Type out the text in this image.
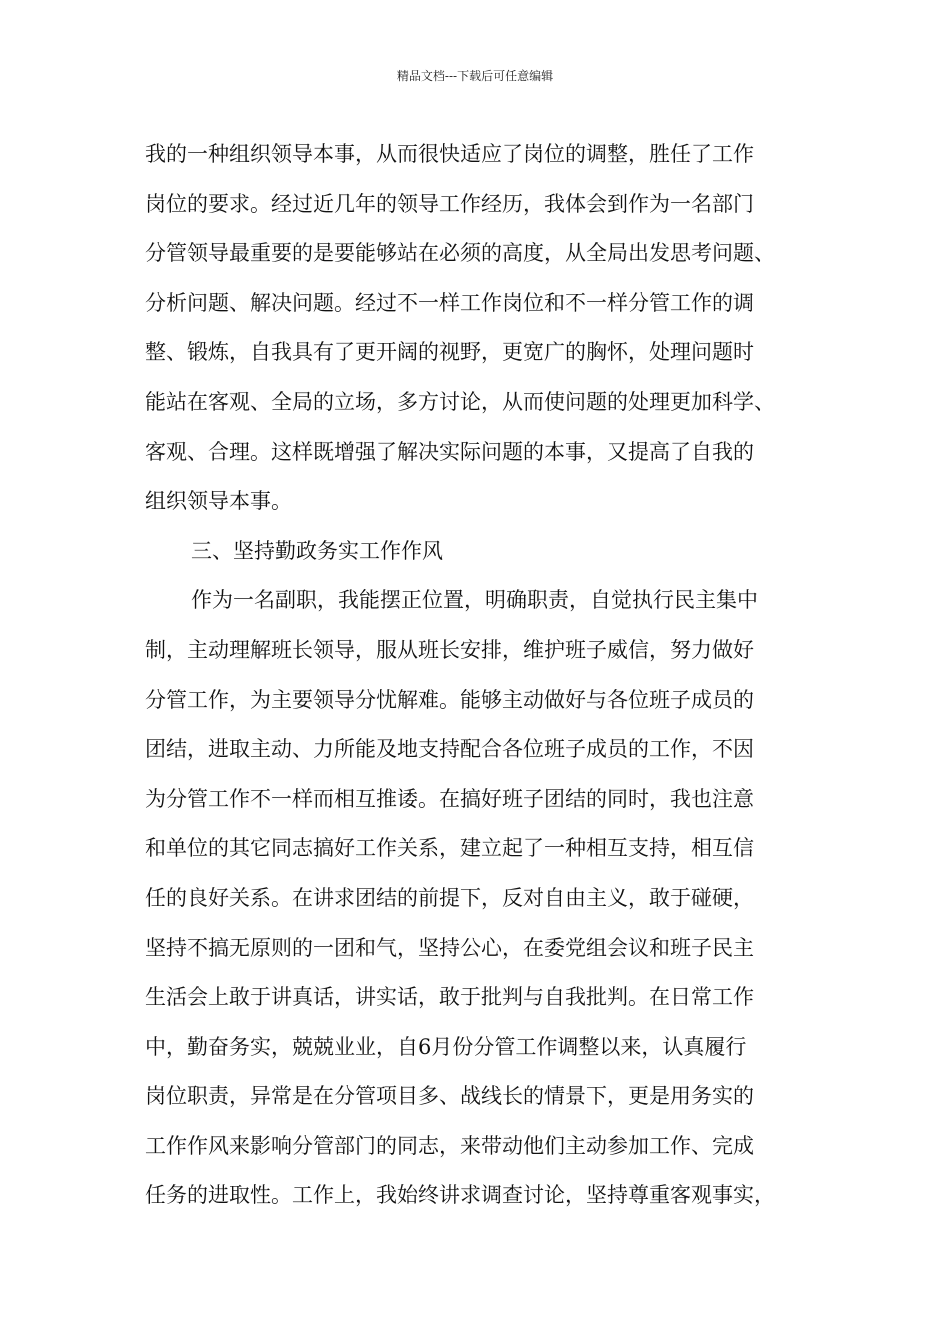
精品文档---下载后可任意编辑
我的一种组织领导本事，从而很快适应了岗位的调整，胜任了工作
岗位的要求。经过近几年的领导工作经历，我体会到作为一名部门
分管领导最重要的是要能够站在必须的高度，从全局出发思考问题、
分析问题、解决问题。经过不一样工作岗位和不一样分管工作的调
整、锻炼，自我具有了更开阔的视野，更宽广的胸怀，处理问题时
能站在客观、全局的立场，多方讨论，从而使问题的处理更加科学、
客观、合理。这样既增强了解决实际问题的本事，又提高了自我的
组织领导本事。
三、坚持勤政务实工作作风
作为一名副职，我能摆正位置，明确职责，自觉执行民主集中
制，主动理解班长领导，服从班长安排，维护班子威信，努力做好
分管工作，为主要领导分忧解难。能够主动做好与各位班子成员的
团结，进取主动、力所能及地支持配合各位班子成员的工作，不因
为分管工作不一样而相互推诿。在搞好班子团结的同时，我也注意
和单位的其它同志搞好工作关系，建立起了一种相互支持，相互信
任的良好关系。在讲求团结的前提下，反对自由主义，敢于碰硬，
坚持不搞无原则的一团和气，坚持公心，在委党组会议和班子民主
生活会上敢于讲真话，讲实话，敢于批判与自我批判。在日常工作
中，勤奋务实，兢兢业业，自6月份分管工作调整以来，认真履行
岗位职责，异常是在分管项目多、战线长的情景下，更是用务实的
工作作风来影响分管部门的同志，来带动他们主动参加工作、完成
任务的进取性。工作上，我始终讲求调查讨论，坚持尊重客观事实，
